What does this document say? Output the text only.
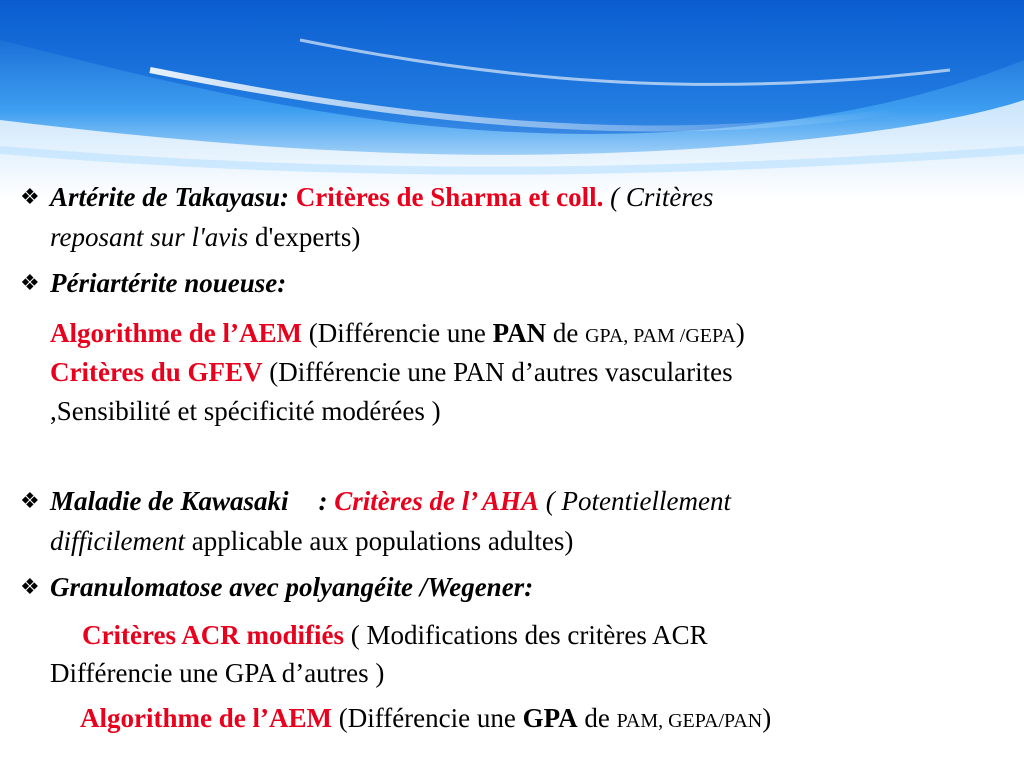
❖ Artérite de Takayasu: Critères de Sharma et coll. ( Critères
reposant sur l'avis d'experts)
❖ Périartérite noueuse:
Algorithme de l’AEM (Différencie une PAN de GPA, PAM /GEPA)
Critères du GFEV (Différencie une PAN d’autres vascularites
,Sensibilité et spécificité modérées )
❖ Maladie de Kawasaki : Critères de l’ AHA ( Potentiellement
difficilement applicable aux populations adultes)
❖ Granulomatose avec polyangéite /Wegener:
Critères ACR modifiés ( Modifications des critères ACR
Différencie une GPA d’autres )
Algorithme de l’AEM (Différencie une GPA de PAM, GEPA/PAN)
